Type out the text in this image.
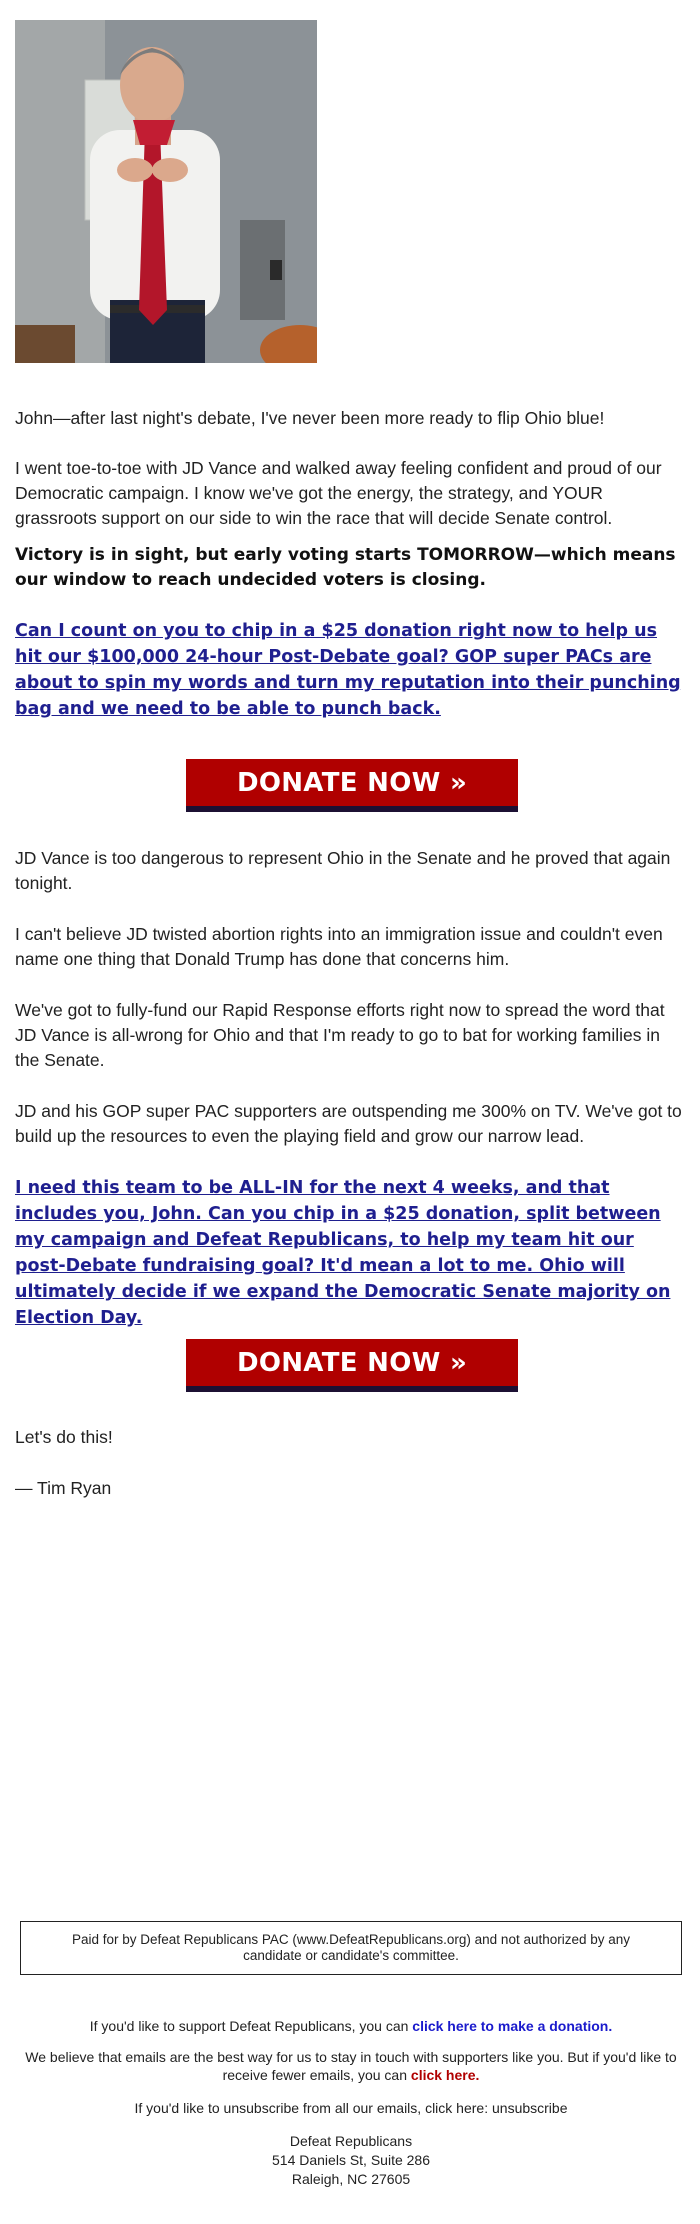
John—after last night's debate, I've never been more ready to flip Ohio blue!

I went toe-to-toe with JD Vance and walked away feeling confident and proud of our Democratic campaign. I know we've got the energy, the strategy, and YOUR grassroots support on our side to win the race that will decide Senate control.

Victory is in sight, but early voting starts TOMORROW—which means our window to reach undecided voters is closing.

Can I count on you to chip in a $25 donation right now to help us hit our $100,000 24-hour Post-Debate goal? GOP super PACs are about to spin my words and turn my reputation into their punching bag and we need to be able to punch back.

DONATE NOW »

JD Vance is too dangerous to represent Ohio in the Senate and he proved that again tonight.

I can't believe JD twisted abortion rights into an immigration issue and couldn't even name one thing that Donald Trump has done that concerns him.

We've got to fully-fund our Rapid Response efforts right now to spread the word that JD Vance is all-wrong for Ohio and that I'm ready to go to bat for working families in the Senate.

JD and his GOP super PAC supporters are outspending me 300% on TV. We've got to build up the resources to even the playing field and grow our narrow lead.

I need this team to be ALL-IN for the next 4 weeks, and that includes you, John. Can you chip in a $25 donation, split between my campaign and Defeat Republicans, to help my team hit our post-Debate fundraising goal? It'd mean a lot to me. Ohio will ultimately decide if we expand the Democratic Senate majority on Election Day.

DONATE NOW »

Let's do this!

— Tim Ryan

Paid for by Defeat Republicans PAC (www.DefeatRepublicans.org) and not authorized by any candidate or candidate's committee.
If you'd like to support Defeat Republicans, you can click here to make a donation.
We believe that emails are the best way for us to stay in touch with supporters like you. But if you'd like to receive fewer emails, you can click here.
If you'd like to unsubscribe from all our emails, click here: unsubscribe
Defeat Republicans
514 Daniels St, Suite 286
Raleigh, NC 27605
